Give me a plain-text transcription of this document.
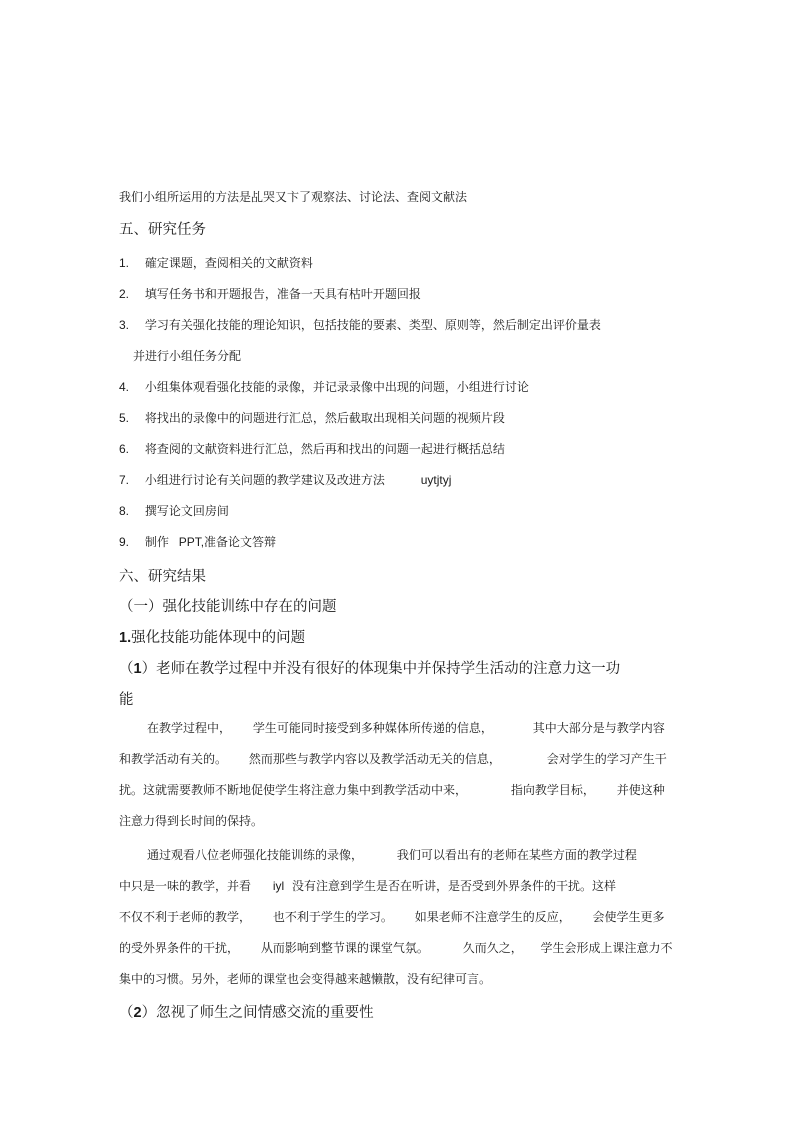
我们小组所运用的方法是乩哭又卞了观察法、讨论法、查阅文献法
五、研究任务
1. 確定课题，查阅相关的文献资料
2. 填写任务书和开题报告，准备一天具有枯叶开题回报
3. 学习有关强化技能的理论知识，包括技能的要素、类型、原则等，然后制定出评价量表
并进行小组任务分配
4. 小组集体观看强化技能的录像，并记录录像中出现的问题，小组进行讨论
5. 将找出的录像中的问题进行汇总，然后截取出现相关问题的视频片段
6. 将查阅的文献资料进行汇总，然后再和找出的问题一起进行概括总结
7. 小组进行讨论有关问题的教学建议及改进方法	uytjtyj
8. 撰写论文回房间
9. 制作 PPT,准备论文答辩
六、研究结果
（一）强化技能训练中存在的问题
1.强化技能功能体现中的问题
（1）老师在教学过程中并没有很好的体现集中并保持学生活动的注意力这一功
能
在教学过程中， 学生可能同时接受到多种媒体所传递的信息，	其中大部分是与教学内容
和教学活动有关的。 然而那些与教学内容以及教学活动无关的信息，	会对学生的学习产生干
扰。这就需要教师不断地促使学生将注意力集中到教学活动中来，	指向教学目标， 并使这种
注意力得到长时间的保持。
通过观看八位老师强化技能训练的录像，	我们可以看出有的老师在某些方面的教学过程
中只是一味的教学，并看 iyl 没有注意到学生是否在听讲，是否受到外界条件的干扰。这样
不仅不利于老师的教学， 也不利于学生的学习。 如果老师不注意学生的反应， 会使学生更多
的受外界条件的干扰， 从而影响到整节课的课堂气氛。	久而久之， 学生会形成上课注意力不
集中的习惯。另外，老师的课堂也会变得越来越懒散，没有纪律可言。
（2）忽视了师生之间情感交流的重要性
